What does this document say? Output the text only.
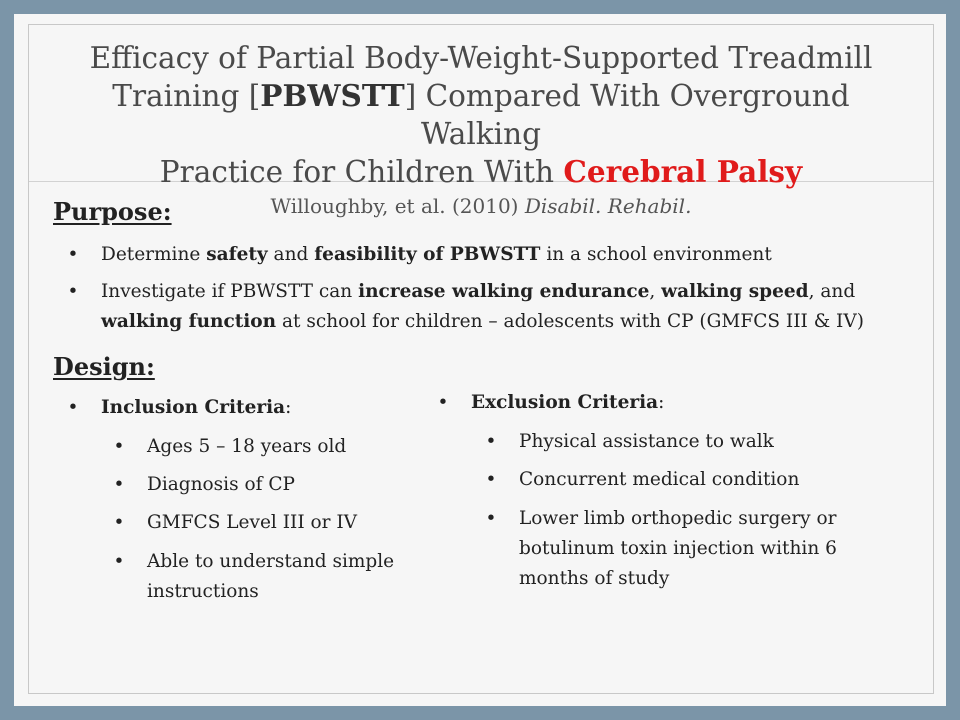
Efficacy of Partial Body-Weight-Supported Treadmill
Training [PBWSTT] Compared With Overground Walking
Practice for Children With Cerebral Palsy
Willoughby, et al. (2010) Disabil. Rehabil.
Purpose:
• Determine safety and feasibility of PBWSTT in a school environment
• Investigate if PBWSTT can increase walking endurance, walking speed, and
walking function at school for children – adolescents with CP (GMFCS III & IV)
Design:
• Inclusion Criteria:
• Ages 5 – 18 years old
• Diagnosis of CP
• GMFCS Level III or IV
• Able to understand simple
instructions
• Exclusion Criteria:
• Physical assistance to walk
• Concurrent medical condition
• Lower limb orthopedic surgery or
botulinum toxin injection within 6
months of study
